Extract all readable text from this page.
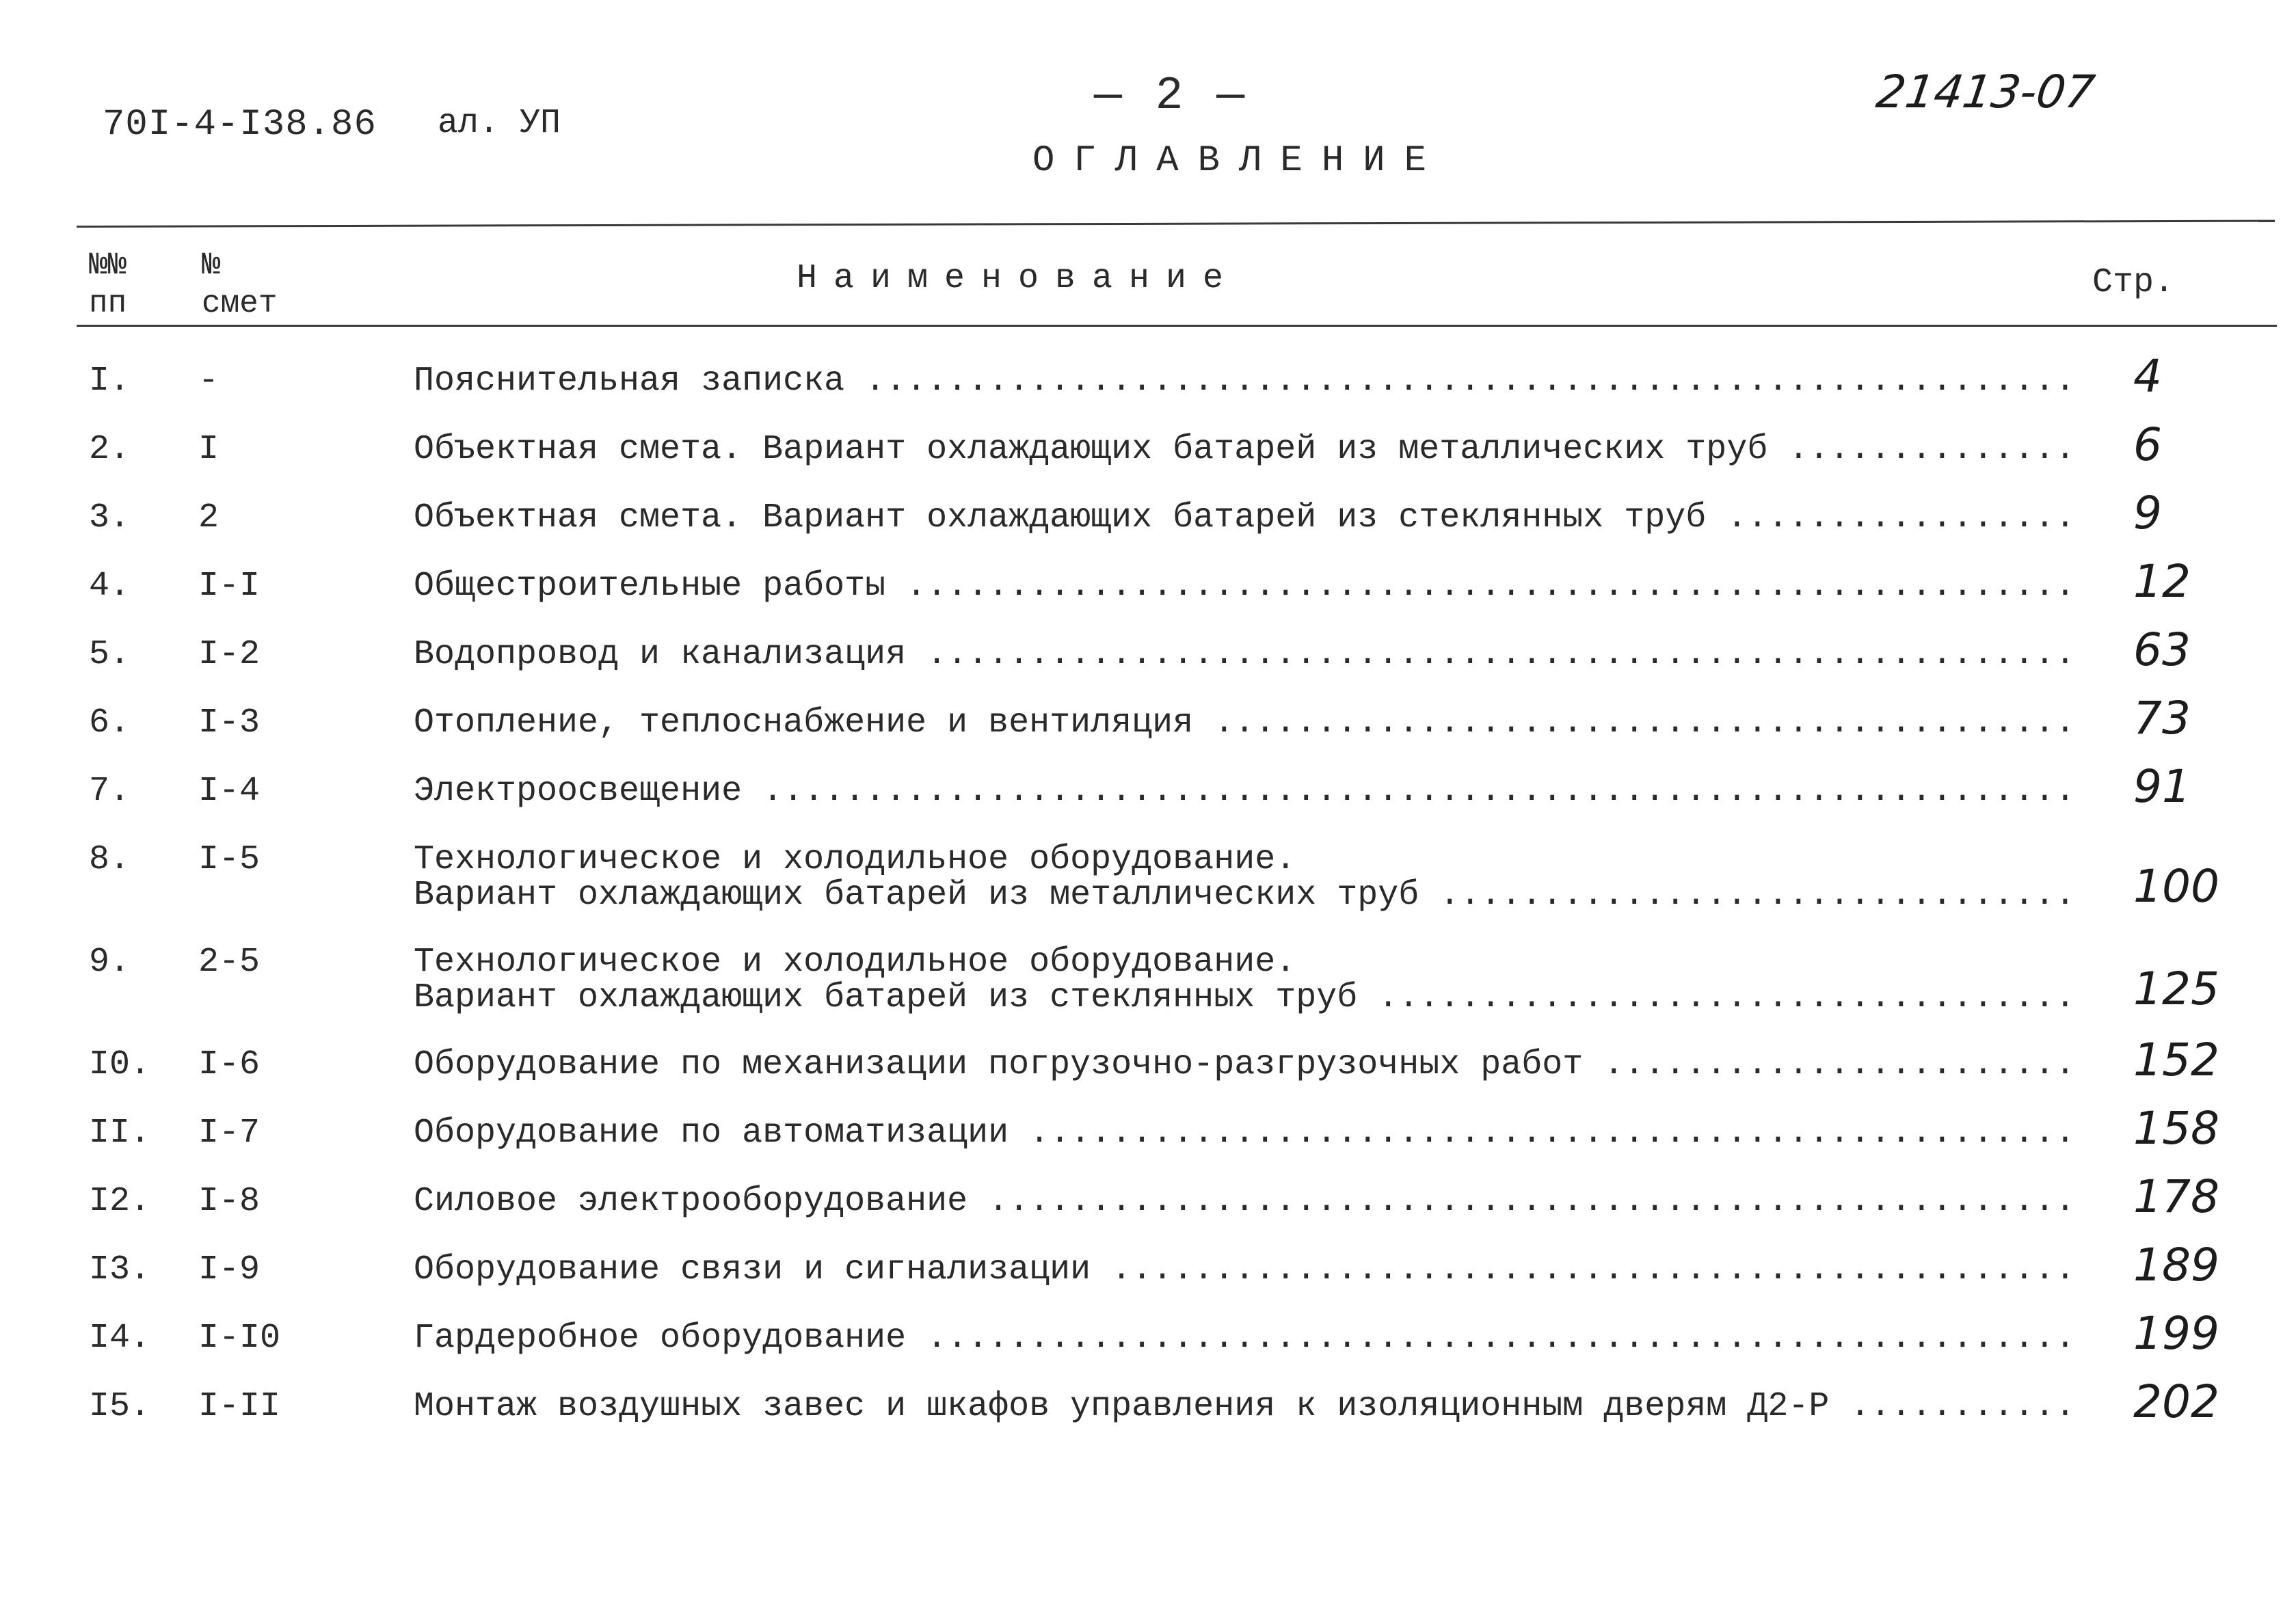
70I-4-I38.86 ал. УП
— 2 —	21413-07
ОГЛАВЛЕНИЕ
№№
пп
№
смет
Наименование	Стр.
I. -	Пояснительная записка .....	4
2. I	Объектная смета. Вариант охлаждающих батарей из металлических труб .....	6
3. 2	Объектная смета. Вариант охлаждающих батарей из стеклянных труб .....	9
4. I-I	Общестроительные работы .....	12
5. I-2	Водопровод и канализация .....	63
6. I-3	Отопление, теплоснабжение и вентиляция .....	73
7. I-4	Электроосвещение .....	91
8. I-5	Технологическое и холодильное оборудование.
Вариант охлаждающих батарей из металлических труб .....	100
9. 2-5	Технологическое и холодильное оборудование.
Вариант охлаждающих батарей из стеклянных труб .....	125
I0. I-6	Оборудование по механизации погрузочно-разгрузочных работ .....	152
II. I-7	Оборудование по автоматизации .....	158
I2. I-8	Силовое электрооборудование .....	178
I3. I-9	Оборудование связи и сигнализации .....	189
I4. I-I0	Гардеробное оборудование .....	199
I5. I-II	Монтаж воздушных завес и шкафов управления к изоляционным дверям Д2-Р .....	202
